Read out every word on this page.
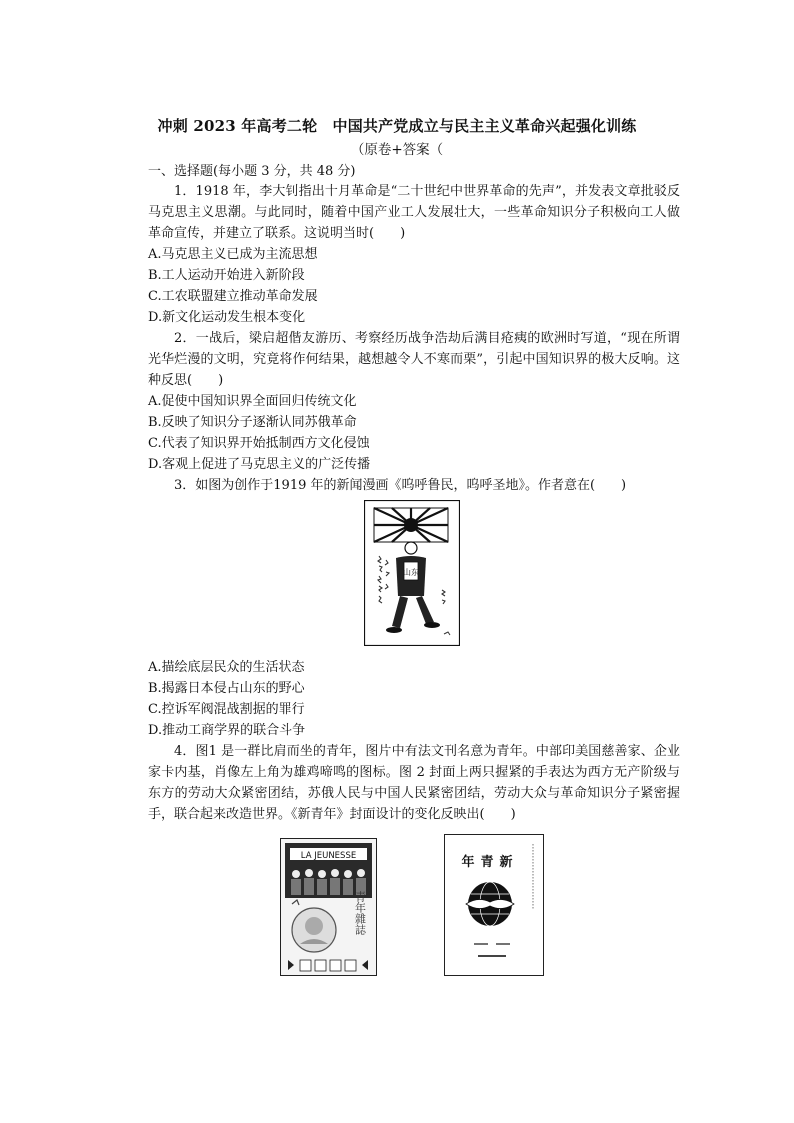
冲刺 2023 年高考二轮　中国共产党成立与民主主义革命兴起强化训练
（原卷+答案（
一、选择题(每小题 3 分，共 48 分)

1．1918 年，李大钊指出十月革命是“二十世纪中世界革命的先声”，并发表文章批驳反马克思主义思潮。与此同时，随着中国产业工人发展壮大，一些革命知识分子积极向工人做革命宣传，并建立了联系。这说明当时(　　)

A.马克思主义已成为主流思想
B.工人运动开始进入新阶段
C.工农联盟建立推动革命发展
D.新文化运动发生根本变化

2．一战后，梁启超偕友游历、考察经历战争浩劫后满目疮痍的欧洲时写道，“现在所谓光华烂漫的文明，究竟将作何结果，越想越令人不寒而栗”，引起中国知识界的极大反响。这种反思(　　)

A.促使中国知识界全面回归传统文化
B.反映了知识分子逐渐认同苏俄革命
C.代表了知识界开始抵制西方文化侵蚀
D.客观上促进了马克思主义的广泛传播

3．如图为创作于1919 年的新闻漫画《呜呼鲁民，呜呼圣地》。作者意在(　　)

山东
A.描绘底层民众的生活状态
B.揭露日本侵占山东的野心
C.控诉军阀混战割据的罪行
D.推动工商学界的联合斗争

4．图1 是一群比肩而坐的青年，图片中有法文刊名意为青年。中部印美国慈善家、企业家卡内基，肖像左上角为雄鸡啼鸣的图标。图 2 封面上两只握紧的手表达为西方无产阶级与东方的劳动大众紧密团结，苏俄人民与中国人民紧密团结，劳动大众与革命知识分子紧密握手，联合起来改造世界。《新青年》封面设计的变化反映出(　　)

LA JEUNESSE
青年雜誌
年青新
